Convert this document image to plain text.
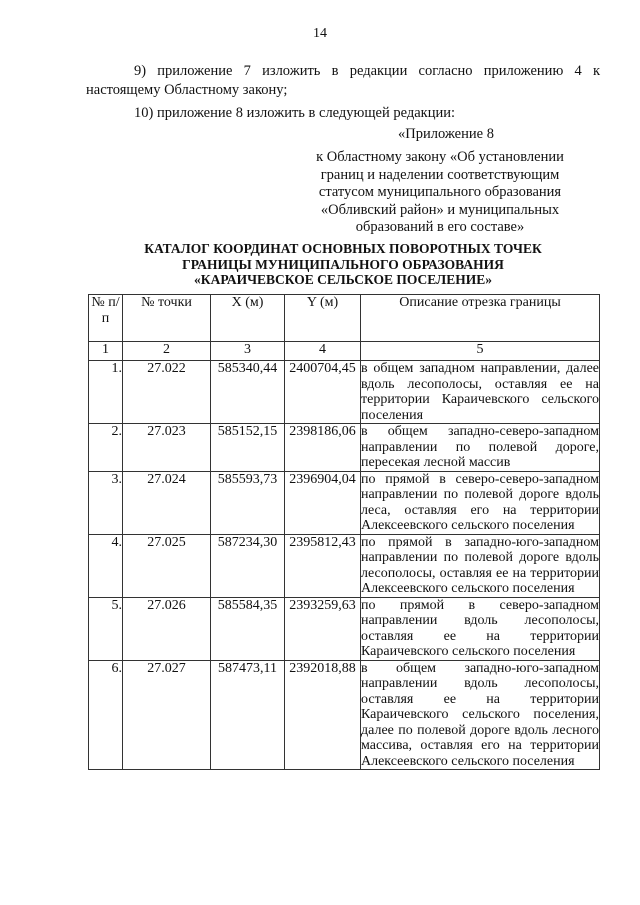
14
9) приложение 7 изложить в редакции согласно приложению 4 к настоящему Областному закону;
10) приложение 8 изложить в следующей редакции:
«Приложение 8
к Областному закону «Об установлении
границ и наделении соответствующим
статусом муниципального образования
«Обливский район» и муниципальных
образований в его составе»
КАТАЛОГ КООРДИНАТ ОСНОВНЫХ ПОВОРОТНЫХ ТОЧЕК
ГРАНИЦЫ МУНИЦИПАЛЬНОГО ОБРАЗОВАНИЯ
«КАРАИЧЕВСКОЕ СЕЛЬСКОЕ ПОСЕЛЕНИЕ»
№ п/п	№ точки	X (м)	Y (м)	Описание отрезка границы
1	2	3	4	5
1.	27.022	585340,44	2400704,45	в общем западном направлении, далее вдоль лесополосы, оставляя ее на территории Караичевского сельского поселения
2.	27.023	585152,15	2398186,06	в общем западно-северо-западном направлении по полевой дороге, пересекая лесной массив
3.	27.024	585593,73	2396904,04	по прямой в северо-северо-западном направлении по полевой дороге вдоль леса, оставляя его на территории Алексеевского сельского поселения
4.	27.025	587234,30	2395812,43	по прямой в западно-юго-западном направлении по полевой дороге вдоль лесополосы, оставляя ее на территории Алексеевского сельского поселения
5.	27.026	585584,35	2393259,63	по прямой в северо-западном направлении вдоль лесополосы, оставляя ее на территории Караичевского сельского поселения
6.	27.027	587473,11	2392018,88	в общем западно-юго-западном направлении вдоль лесополосы, оставляя ее на территории Караичевского сельского поселения, далее по полевой дороге вдоль лесного массива, оставляя его на территории Алексеевского сельского поселения
